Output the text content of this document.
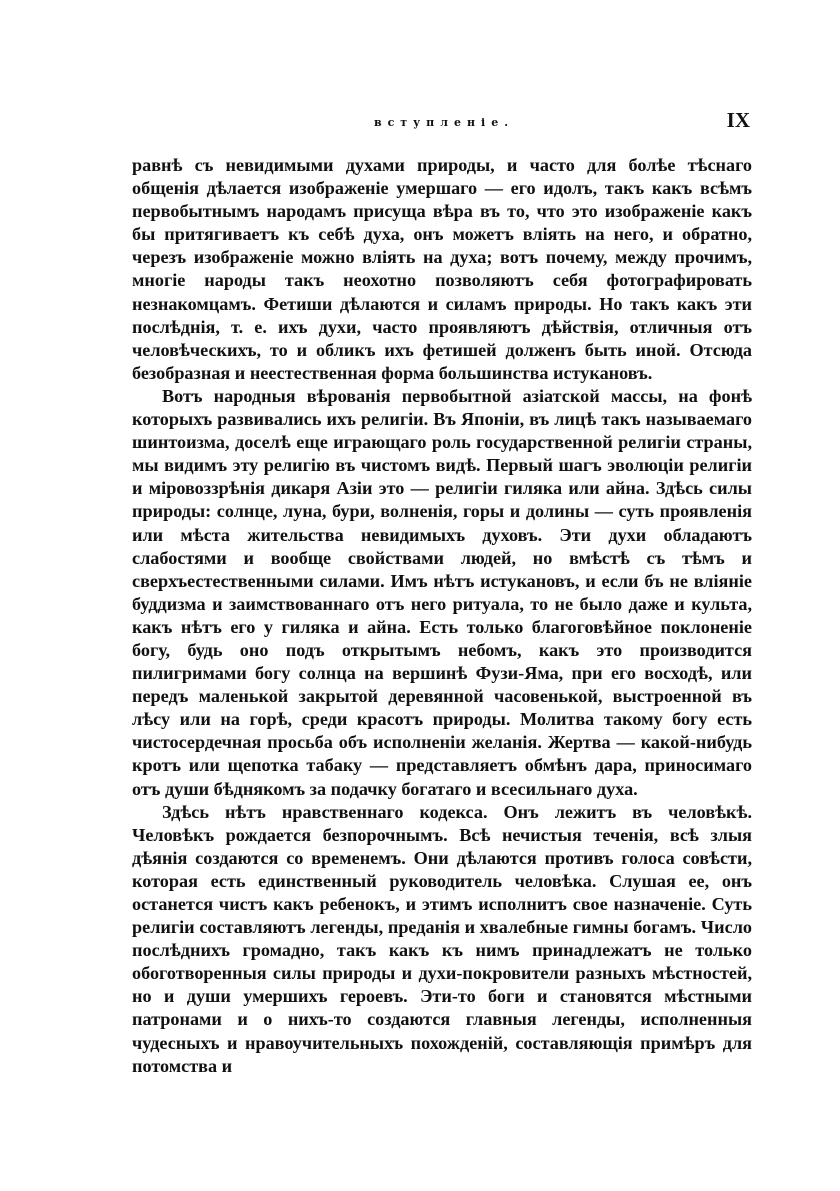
вступленіе.	IX

равнѣ съ невидимыми духами природы, и часто для болѣе тѣснаго общенія дѣлается изображеніе умершаго — его идолъ, такъ какъ всѣмъ первобытнымъ народамъ присуща вѣра въ то, что это изображеніе какъ бы притягиваетъ къ себѣ духа, онъ можетъ влiять на него, и обратно, черезъ изображеніе можно влiять на духа; вотъ почему, между прочимъ, многіе народы такъ неохотно позволяютъ себя фотографировать незнакомцамъ. Фетиши дѣлаются и силамъ природы. Но такъ какъ эти послѣднія, т. е. ихъ духи, часто проявляютъ дѣйствія, отличныя отъ человѣческихъ, то и обликъ ихъ фетишей долженъ быть иной. Отсюда безобразная и неестественная форма большинства истукановъ.

Вотъ народныя вѣрованія первобытной азіатской массы, на фонѣ которыхъ развивались ихъ религіи. Въ Японіи, въ лицѣ такъ называемаго шинтоизма, доселѣ еще играющаго роль государственной религіи страны, мы видимъ эту религію въ чистомъ видѣ. Первый шагъ эволюціи религіи и міровоззрѣнія дикаря Азіи это — религіи гиляка или айна. Здѣсь силы природы: солнце, луна, бури, волненія, горы и долины — суть проявленія или мѣста жительства невидимыхъ духовъ. Эти духи обладаютъ слабостями и вообще свойствами людей, но вмѣстѣ съ тѣмъ и сверхъестественными силами. Имъ нѣтъ истукановъ, и если бъ не вліяніе буддизма и заимствованнаго отъ него ритуала, то не было даже и культа, какъ нѣтъ его у гиляка и айна. Есть только благоговѣйное поклоненіе богу, будь оно подъ открытымъ небомъ, какъ это производится пилигримами богу солнца на вершинѣ Фузи-Яма, при его восходѣ, или передъ маленькой закрытой деревянной часовенькой, выстроенной въ лѣсу или на горѣ, среди красотъ природы. Молитва такому богу есть чистосердечная просьба объ исполненіи желанія. Жертва — какой-нибудь кротъ или щепотка табаку — представляетъ обмѣнъ дара, приносимаго отъ души бѣднякомъ за подачку богатаго и всесильнаго духа.

Здѣсь нѣтъ нравственнаго кодекса. Онъ лежитъ въ человѣкѣ. Человѣкъ рождается безпорочнымъ. Всѣ нечистыя теченія, всѣ злыя дѣянія создаются со временемъ. Они дѣлаются противъ голоса совѣсти, которая есть единственный руководитель человѣка. Слушая ее, онъ останется чистъ какъ ребенокъ, и этимъ исполнитъ свое назначеніе. Суть религіи составляютъ легенды, преданія и хвалебные гимны богамъ. Число послѣднихъ громадно, такъ какъ къ нимъ принадлежатъ не только обоготворенныя силы природы и духи-покровители разныхъ мѣстностей, но и души умершихъ героевъ. Эти-то боги и становятся мѣстными патронами и о нихъ-то создаются главныя легенды, исполненныя чудесныхъ и нравоучительныхъ похожденій, составляющія примѣръ для потомства и
